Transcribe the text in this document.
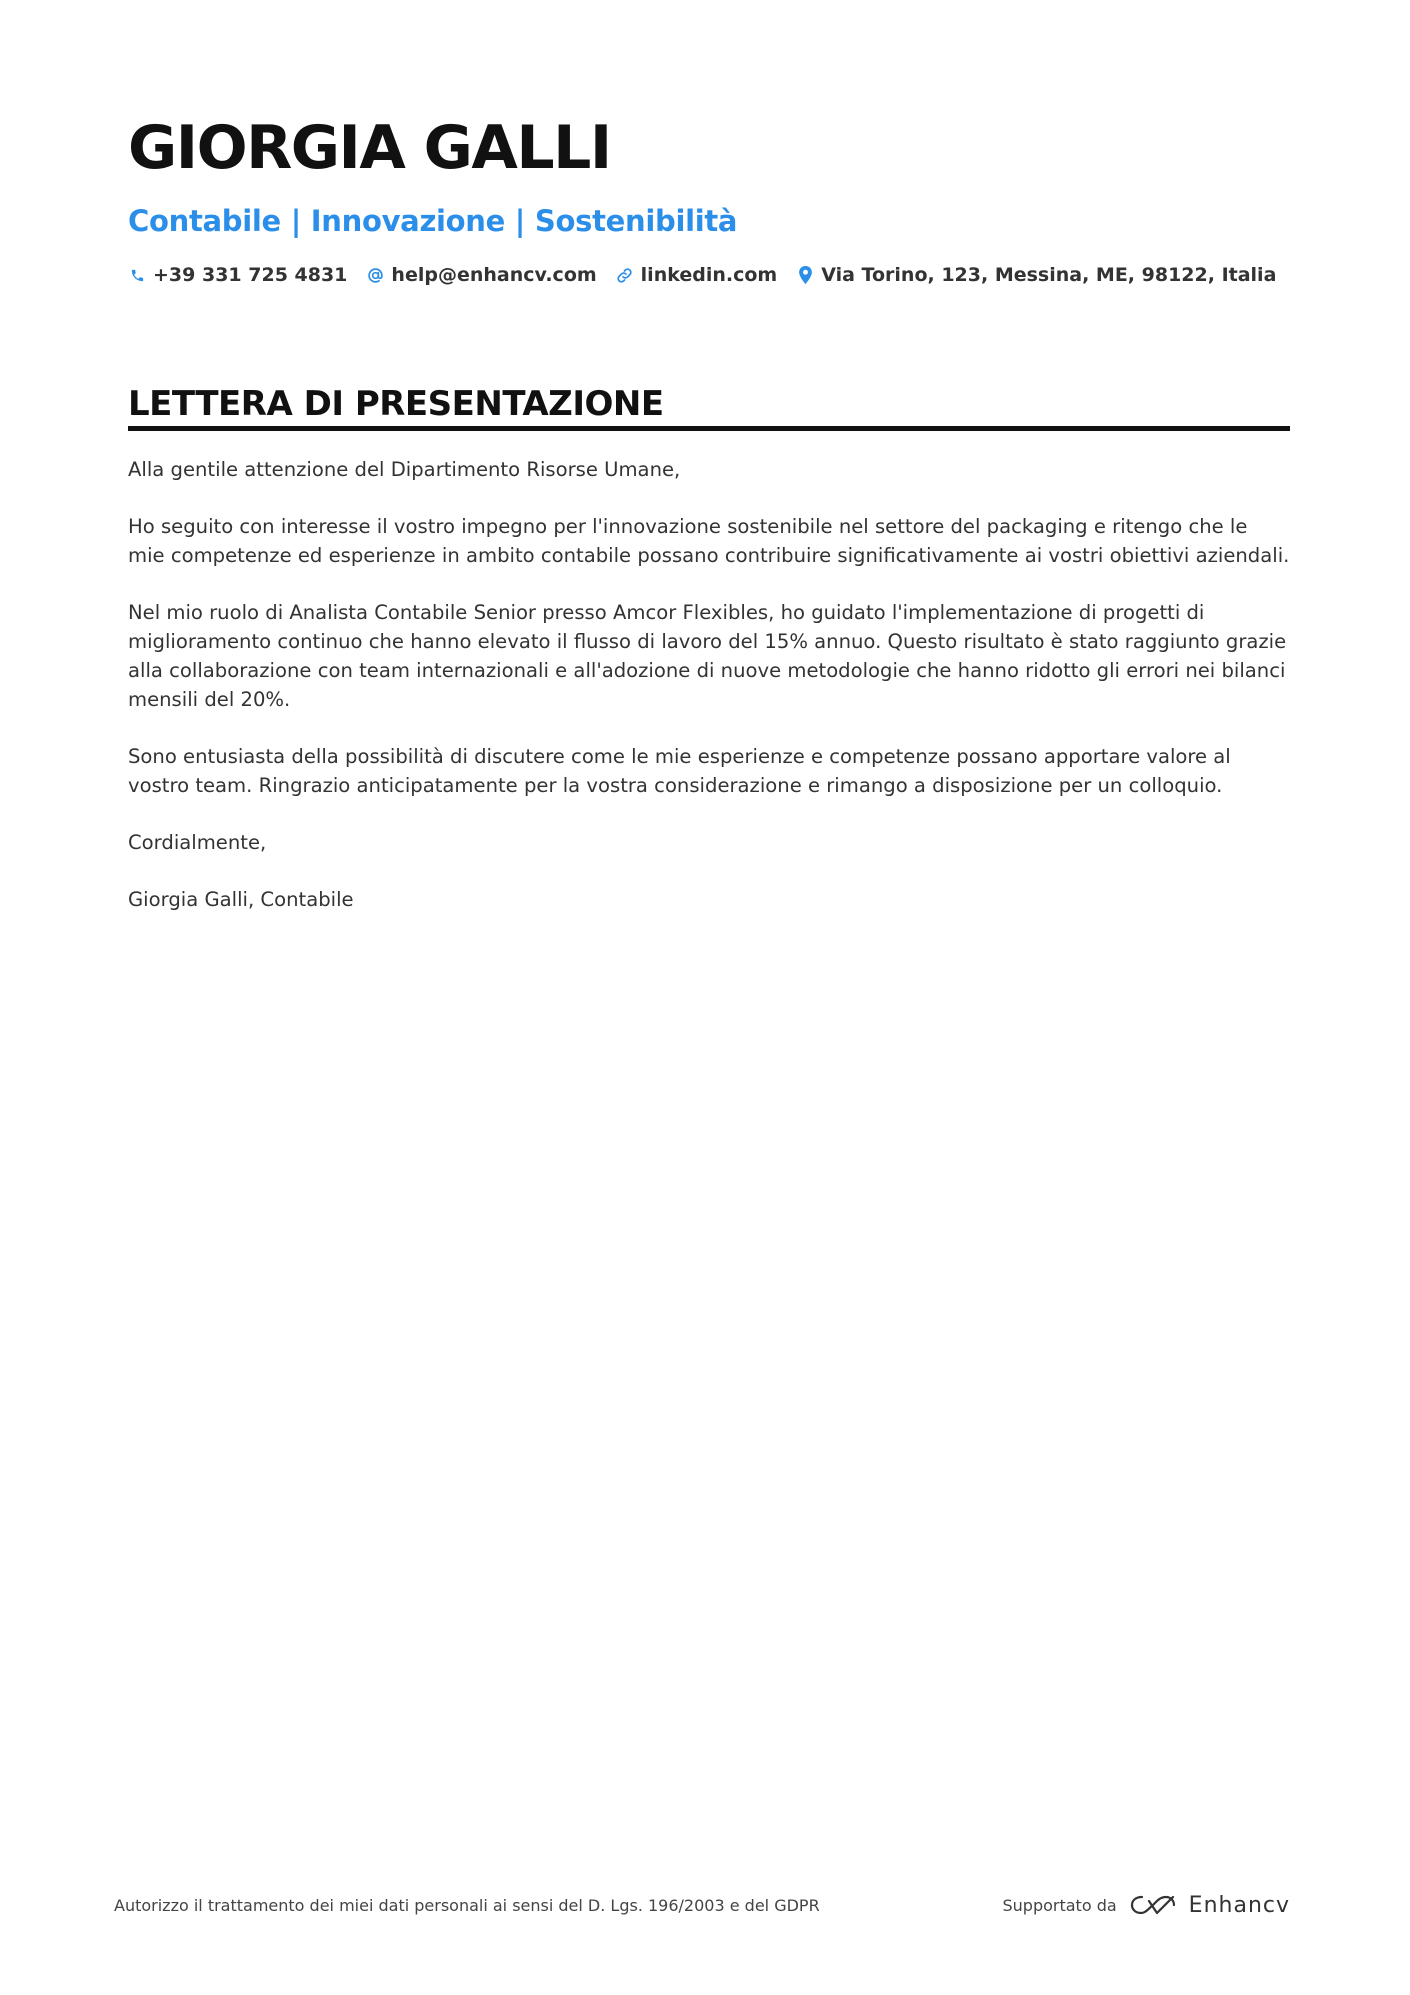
GIORGIA GALLI
Contabile | Innovazione | Sostenibilità
+39 331 725 4831 help@enhancv.com linkedin.com Via Torino, 123, Messina, ME, 98122, Italia
LETTERA DI PRESENTAZIONE

Alla gentile attenzione del Dipartimento Risorse Umane,

Ho seguito con interesse il vostro impegno per l'innovazione sostenibile nel settore del packaging e ritengo che le mie competenze ed esperienze in ambito contabile possano contribuire significativamente ai vostri obiettivi aziendali.

Nel mio ruolo di Analista Contabile Senior presso Amcor Flexibles, ho guidato l'implementazione di progetti di miglioramento continuo che hanno elevato il flusso di lavoro del 15% annuo. Questo risultato è stato raggiunto grazie alla collaborazione con team internazionali e all'adozione di nuove metodologie che hanno ridotto gli errori nei bilanci mensili del 20%.

Sono entusiasta della possibilità di discutere come le mie esperienze e competenze possano apportare valore al vostro team. Ringrazio anticipatamente per la vostra considerazione e rimango a disposizione per un colloquio.

Cordialmente,

Giorgia Galli, Contabile

Autorizzo il trattamento dei miei dati personali ai sensi del D. Lgs. 196/2003 e del GDPR	Supportato da	Enhancv
